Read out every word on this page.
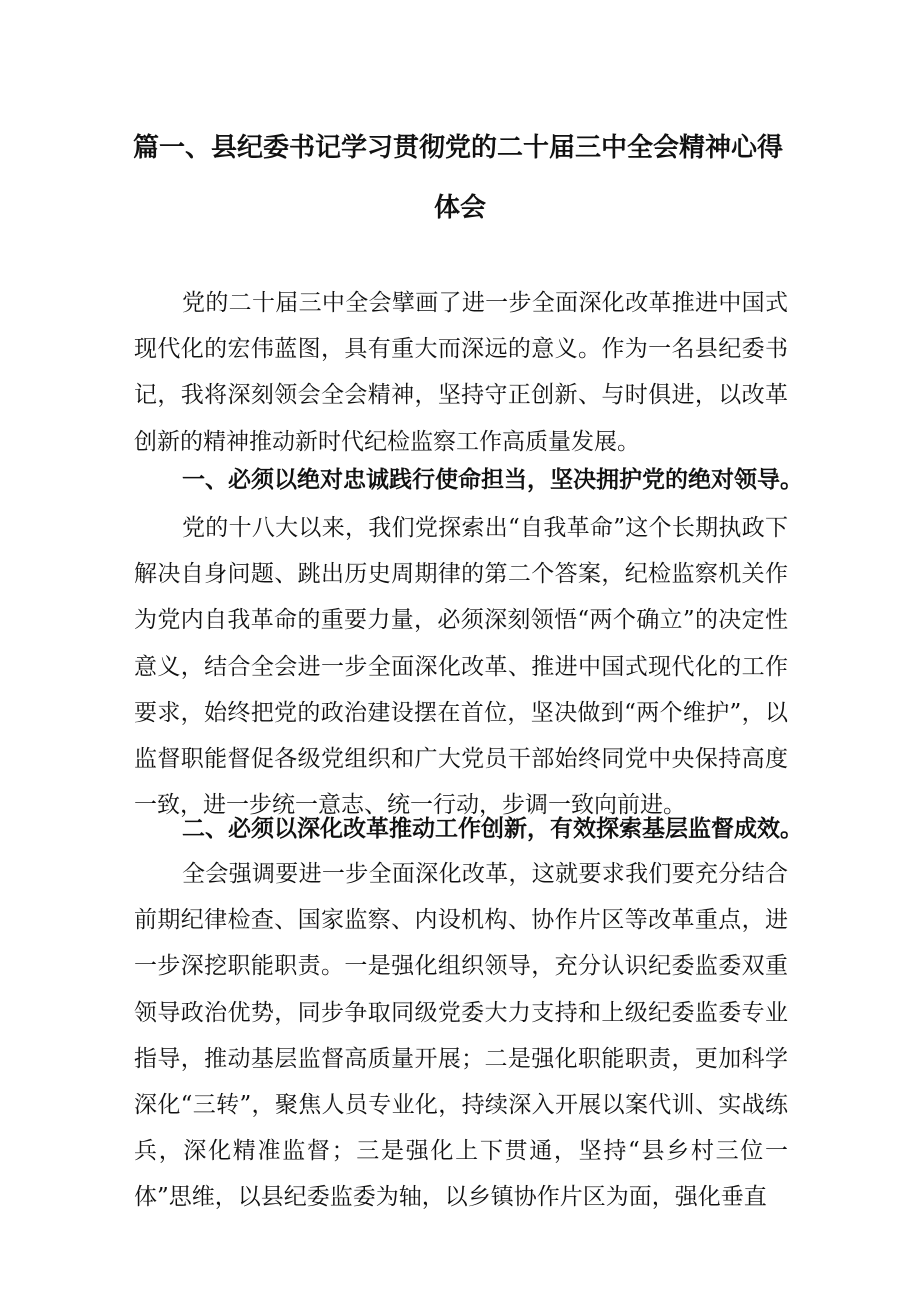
篇一、县纪委书记学习贯彻党的二十届三中全会精神心得
体会

党的二十届三中全会擘画了进一步全面深化改革推进中国式现代化的宏伟蓝图，具有重大而深远的意义。作为一名县纪委书记，我将深刻领会全会精神，坚持守正创新、与时俱进，以改革创新的精神推动新时代纪检监察工作高质量发展。

一、必须以绝对忠诚践行使命担当，坚决拥护党的绝对领导。

党的十八大以来，我们党探索出“自我革命”这个长期执政下解决自身问题、跳出历史周期律的第二个答案，纪检监察机关作为党内自我革命的重要力量，必须深刻领悟“两个确立”的决定性意义，结合全会进一步全面深化改革、推进中国式现代化的工作要求，始终把党的政治建设摆在首位，坚决做到“两个维护”，以监督职能督促各级党组织和广大党员干部始终同党中央保持高度一致，进一步统一意志、统一行动，步调一致向前进。

二、必须以深化改革推动工作创新，有效探索基层监督成效。

全会强调要进一步全面深化改革，这就要求我们要充分结合前期纪律检查、国家监察、内设机构、协作片区等改革重点，进一步深挖职能职责。一是强化组织领导，充分认识纪委监委双重领导政治优势，同步争取同级党委大力支持和上级纪委监委专业指导，推动基层监督高质量开展；二是强化职能职责，更加科学深化“三转”，聚焦人员专业化，持续深入开展以案代训、实战练兵，深化精准监督；三是强化上下贯通，坚持“县乡村三位一体”思维，以县纪委监委为轴，以乡镇协作片区为面，强化垂直
